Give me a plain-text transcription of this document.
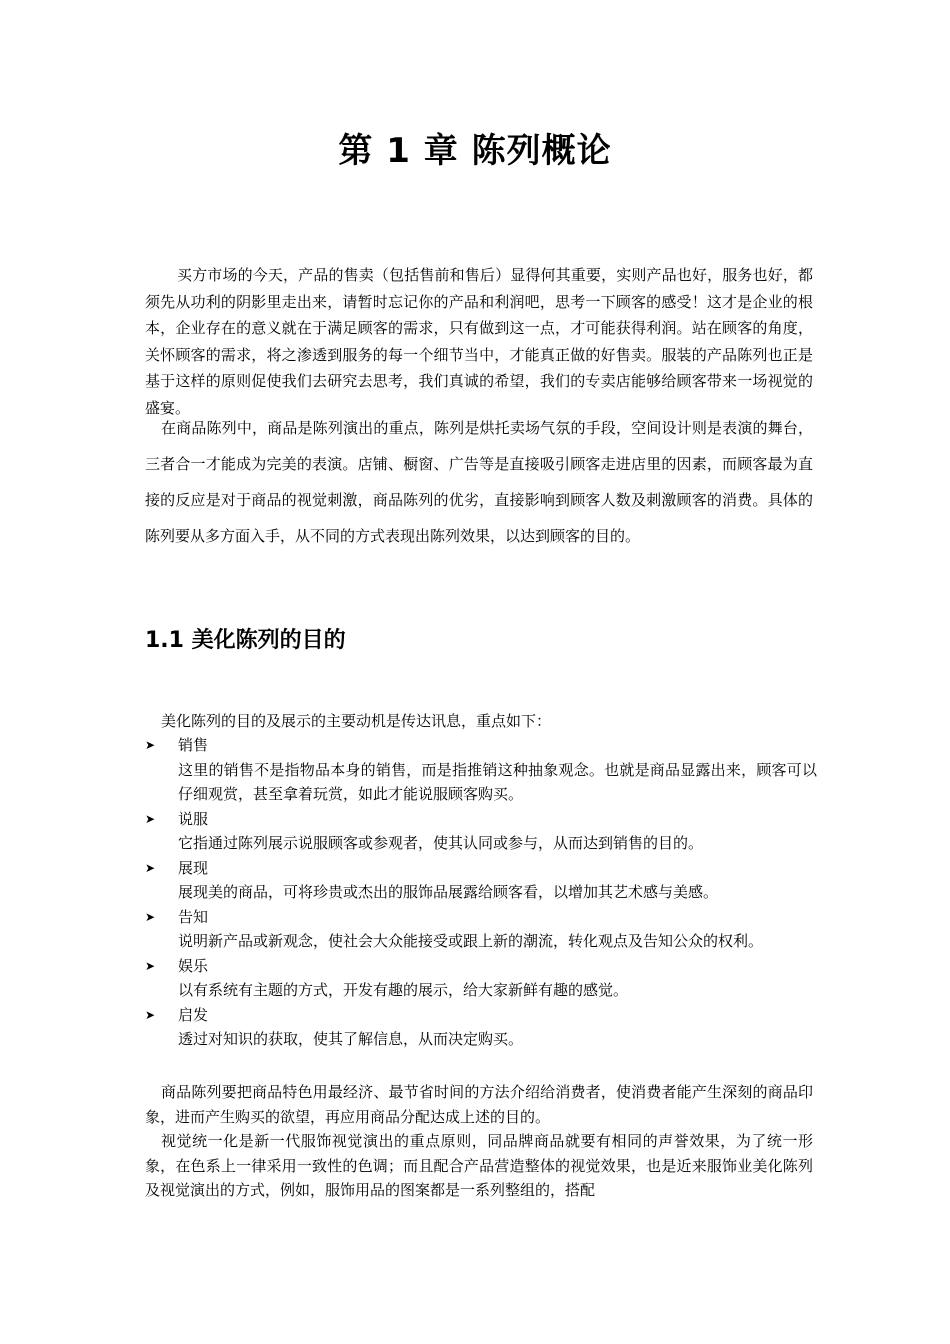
第 1 章 陈列概论

买方市场的今天，产品的售卖（包括售前和售后）显得何其重要，实则产品也好，服务也好，都须先从功利的阴影里走出来，请暂时忘记你的产品和利润吧，思考一下顾客的感受！这才是企业的根本，企业存在的意义就在于满足顾客的需求，只有做到这一点，才可能获得利润。站在顾客的角度，关怀顾客的需求，将之渗透到服务的每一个细节当中，才能真正做的好售卖。服装的产品陈列也正是基于这样的原则促使我们去研究去思考，我们真诚的希望，我们的专卖店能够给顾客带来一场视觉的盛宴。

在商品陈列中，商品是陈列演出的重点，陈列是烘托卖场气氛的手段，空间设计则是表演的舞台，三者合一才能成为完美的表演。店铺、橱窗、广告等是直接吸引顾客走进店里的因素，而顾客最为直接的反应是对于商品的视觉刺激，商品陈列的优劣，直接影响到顾客人数及刺激顾客的消费。具体的陈列要从多方面入手，从不同的方式表现出陈列效果，以达到顾客的目的。

1.1 美化陈列的目的

美化陈列的目的及展示的主要动机是传达讯息，重点如下：

➤	销售
这里的销售不是指物品本身的销售，而是指推销这种抽象观念。也就是商品显露出来，顾客可以仔细观赏，甚至拿着玩赏，如此才能说服顾客购买。
➤	说服
它指通过陈列展示说服顾客或参观者，使其认同或参与，从而达到销售的目的。
➤	展现
展现美的商品，可将珍贵或杰出的服饰品展露给顾客看，以增加其艺术感与美感。
➤	告知
说明新产品或新观念，使社会大众能接受或跟上新的潮流，转化观点及告知公众的权利。
➤	娱乐
以有系统有主题的方式，开发有趣的展示，给大家新鲜有趣的感觉。
➤	启发
透过对知识的获取，使其了解信息，从而决定购买。

商品陈列要把商品特色用最经济、最节省时间的方法介绍给消费者，使消费者能产生深刻的商品印象，进而产生购买的欲望，再应用商品分配达成上述的目的。

视觉统一化是新一代服饰视觉演出的重点原则，同品牌商品就要有相同的声誉效果，为了统一形象，在色系上一律采用一致性的色调；而且配合产品营造整体的视觉效果，也是近来服饰业美化陈列及视觉演出的方式，例如，服饰用品的图案都是一系列整组的，搭配
